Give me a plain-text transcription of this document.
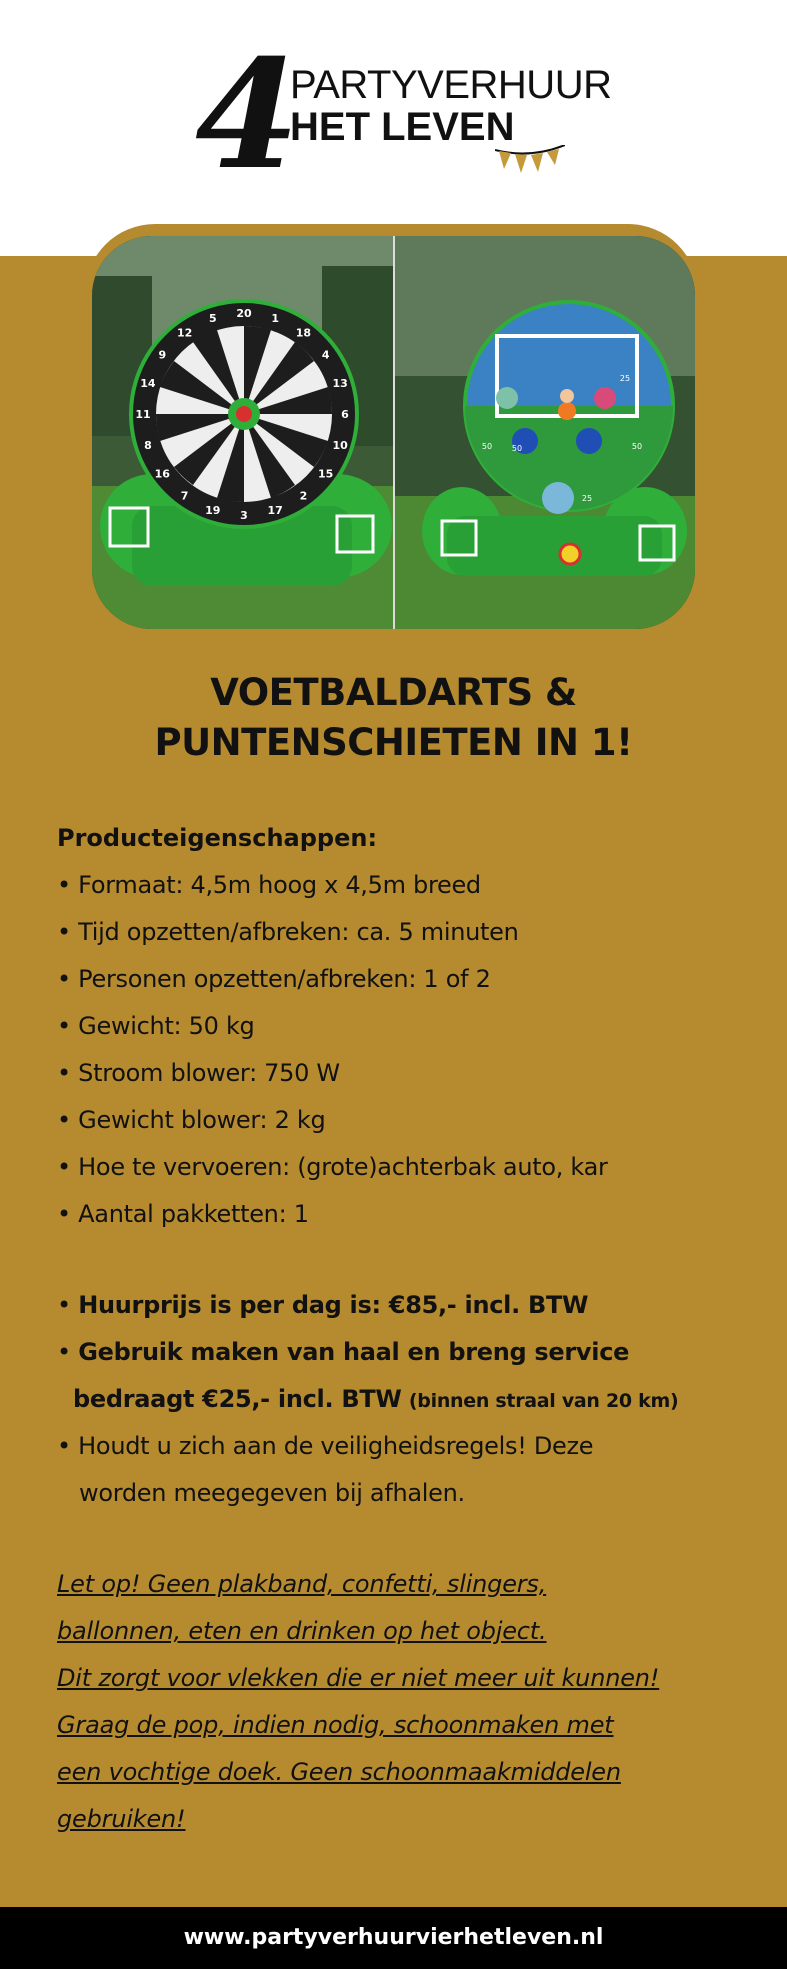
4
PARTYVERHUUR
HET LEVEN
20 1
18
4
13
6
10
15
2
17
3
19
7
16
8
11
14
9
12
5
50
25
50	50
25
VOETBALDARTS &
PUNTENSCHIETEN IN 1!
Producteigenschappen:
• Formaat: 4,5m hoog x 4,5m breed
• Tijd opzetten/afbreken: ca. 5 minuten
• Personen opzetten/afbreken: 1 of 2
• Gewicht: 50 kg
• Stroom blower: 750 W
• Gewicht blower: 2 kg
• Hoe te vervoeren: (grote)achterbak auto, kar
• Aantal pakketten: 1
• Huurprijs is per dag is: €85,- incl. BTW
• Gebruik maken van haal en breng service
bedraagt €25,- incl. BTW (binnen straal van 20 km)
• Houdt u zich aan de veiligheidsregels! Deze
worden meegegeven bij afhalen.
Let op! Geen plakband, confetti, slingers,
ballonnen, eten en drinken op het object.
Dit zorgt voor vlekken die er niet meer uit kunnen!
Graag de pop, indien nodig, schoonmaken met
een vochtige doek. Geen schoonmaakmiddelen
gebruiken!
www.partyverhuurvierhetleven.nl
